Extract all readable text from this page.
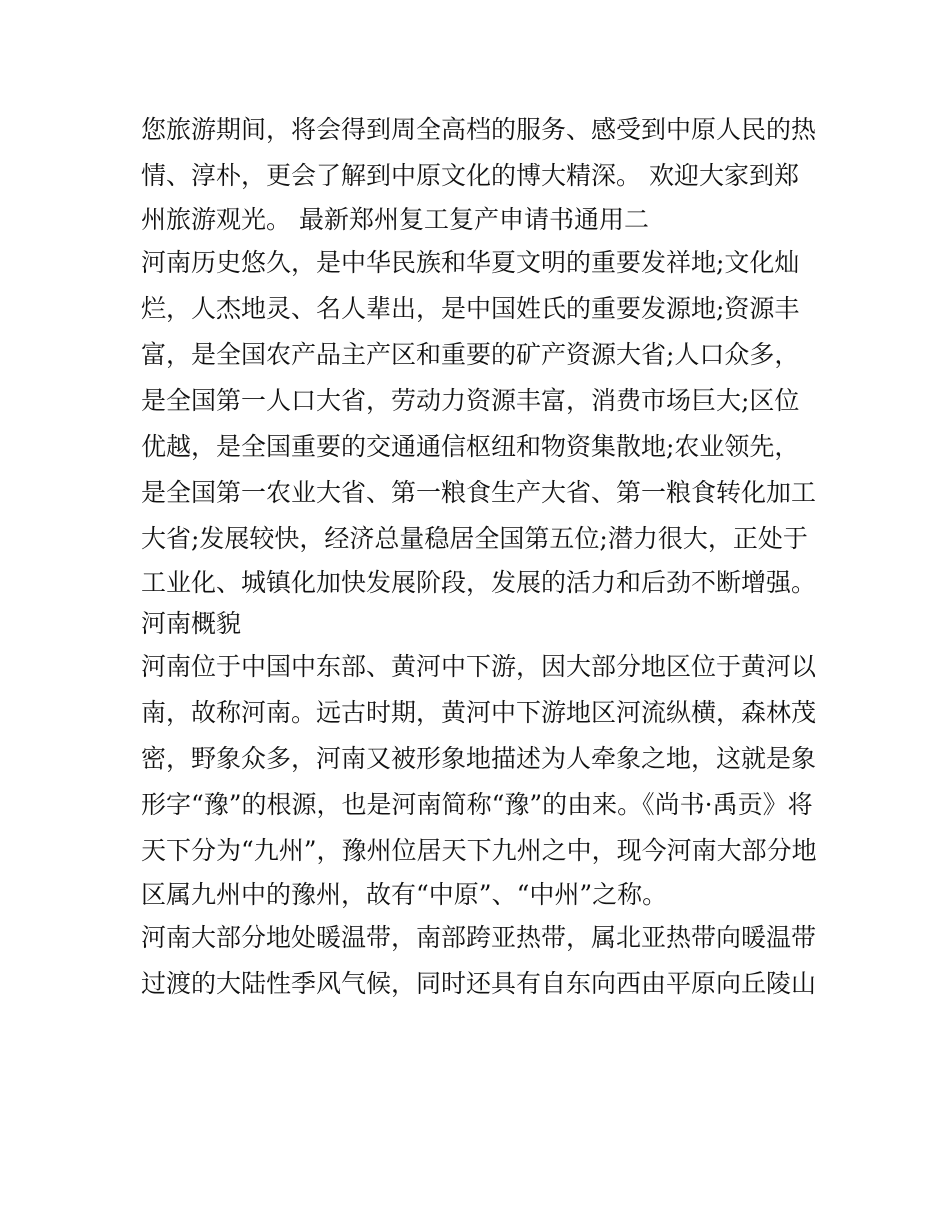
您旅游期间，将会得到周全高档的服务、感受到中原人民的热
情、淳朴，更会了解到中原文化的博大精深。 欢迎大家到郑
州旅游观光。 最新郑州复工复产申请书通用二
河南历史悠久，是中华民族和华夏文明的重要发祥地;文化灿
烂，人杰地灵、名人辈出，是中国姓氏的重要发源地;资源丰
富，是全国农产品主产区和重要的矿产资源大省;人口众多，
是全国第一人口大省，劳动力资源丰富，消费市场巨大;区位
优越，是全国重要的交通通信枢纽和物资集散地;农业领先，
是全国第一农业大省、第一粮食生产大省、第一粮食转化加工
大省;发展较快，经济总量稳居全国第五位;潜力很大，正处于
工业化、城镇化加快发展阶段，发展的活力和后劲不断增强。
河南概貌
河南位于中国中东部、黄河中下游，因大部分地区位于黄河以
南，故称河南。远古时期，黄河中下游地区河流纵横，森林茂
密，野象众多，河南又被形象地描述为人牵象之地，这就是象
形字“豫”的根源，也是河南简称“豫”的由来。《尚书·禹贡》将
天下分为“九州”，豫州位居天下九州之中，现今河南大部分地
区属九州中的豫州，故有“中原”、“中州”之称。
河南大部分地处暖温带，南部跨亚热带，属北亚热带向暖温带
过渡的大陆性季风气候，同时还具有自东向西由平原向丘陵山
